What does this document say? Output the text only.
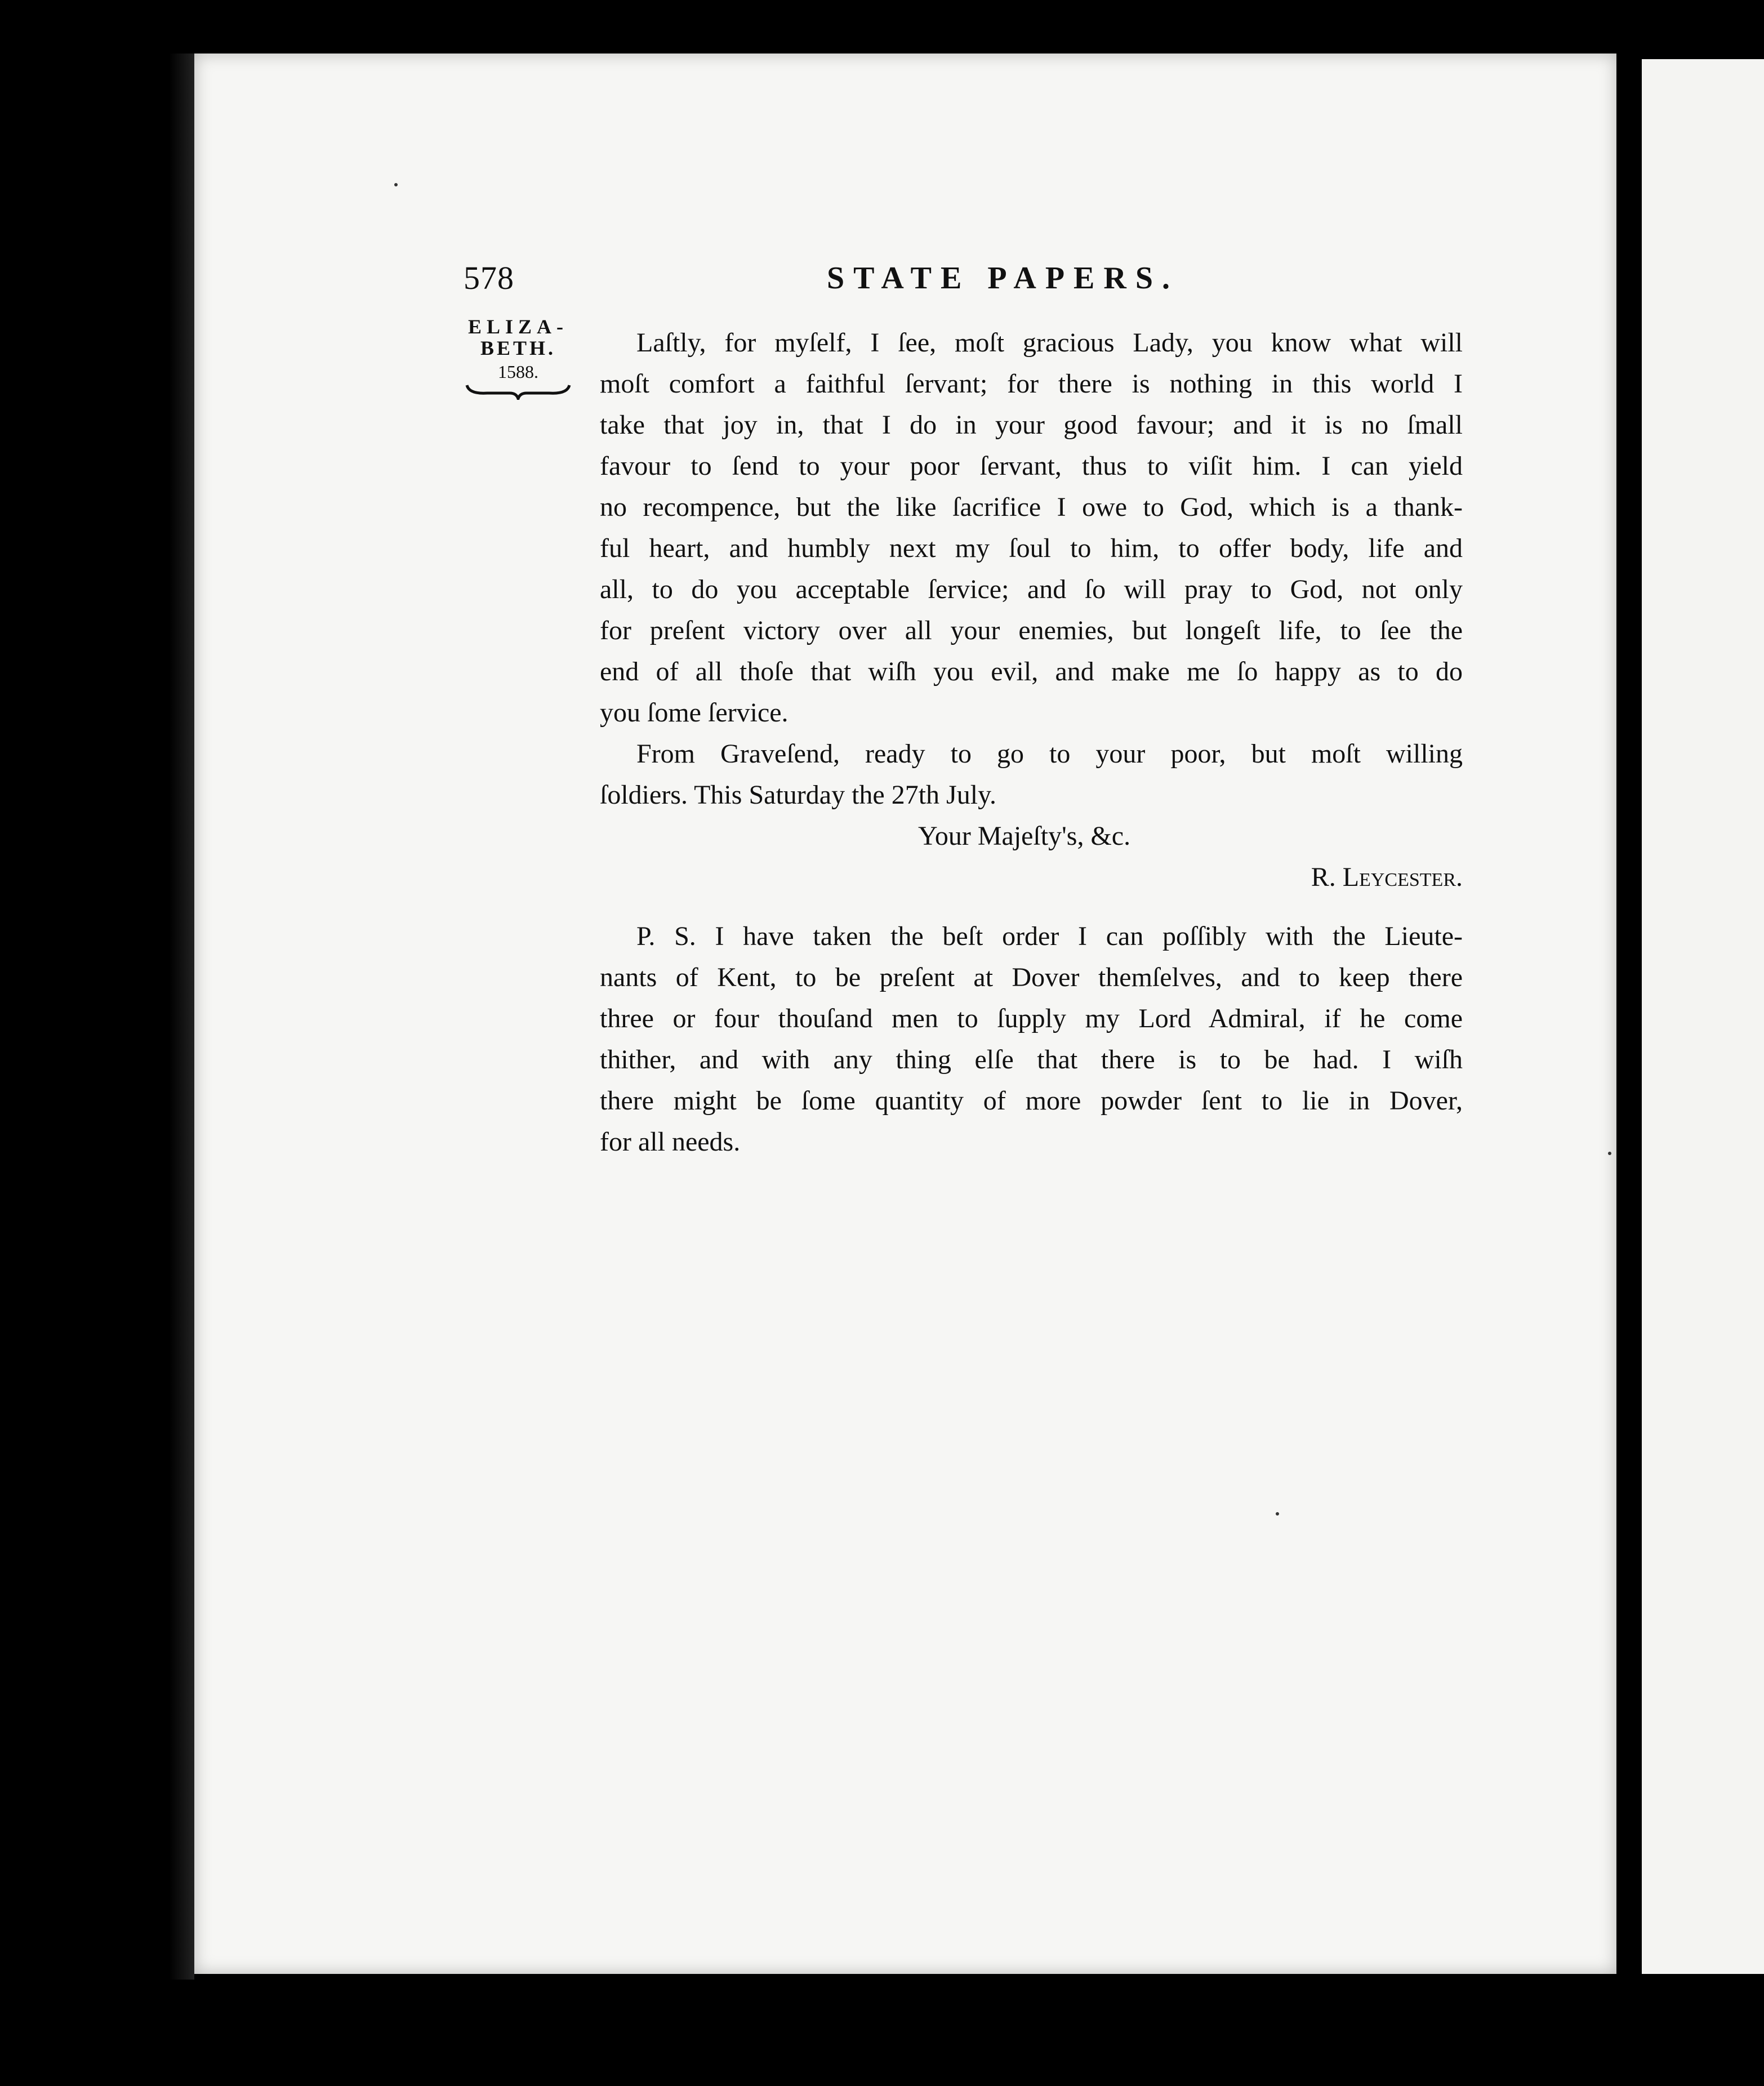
578	STATE PAPERS.
ELIZA-
BETH.
1588.
Laſtly, for myſelf, I ſee, moſt gracious Lady, you know what will
moſt comfort a faithful ſervant; for there is nothing in this world I
take that joy in, that I do in your good favour; and it is no ſmall
favour to ſend to your poor ſervant, thus to viſit him. I can yield
no recompence, but the like ſacrifice I owe to God, which is a thank-
ful heart, and humbly next my ſoul to him, to offer body, life and
all, to do you acceptable ſervice; and ſo will pray to God, not only
for preſent victory over all your enemies, but longeſt life, to ſee the
end of all thoſe that wiſh you evil, and make me ſo happy as to do
you ſome ſervice.
From Graveſend, ready to go to your poor, but moſt willing
ſoldiers. This Saturday the 27th July.
Your Majeſty's, &c.
R. Leycester.
P. S. I have taken the beſt order I can poſſibly with the Lieute-
nants of Kent, to be preſent at Dover themſelves, and to keep there
three or four thouſand men to ſupply my Lord Admiral, if he come
thither, and with any thing elſe that there is to be had. I wiſh
there might be ſome quantity of more powder ſent to lie in Dover,
for all needs.
